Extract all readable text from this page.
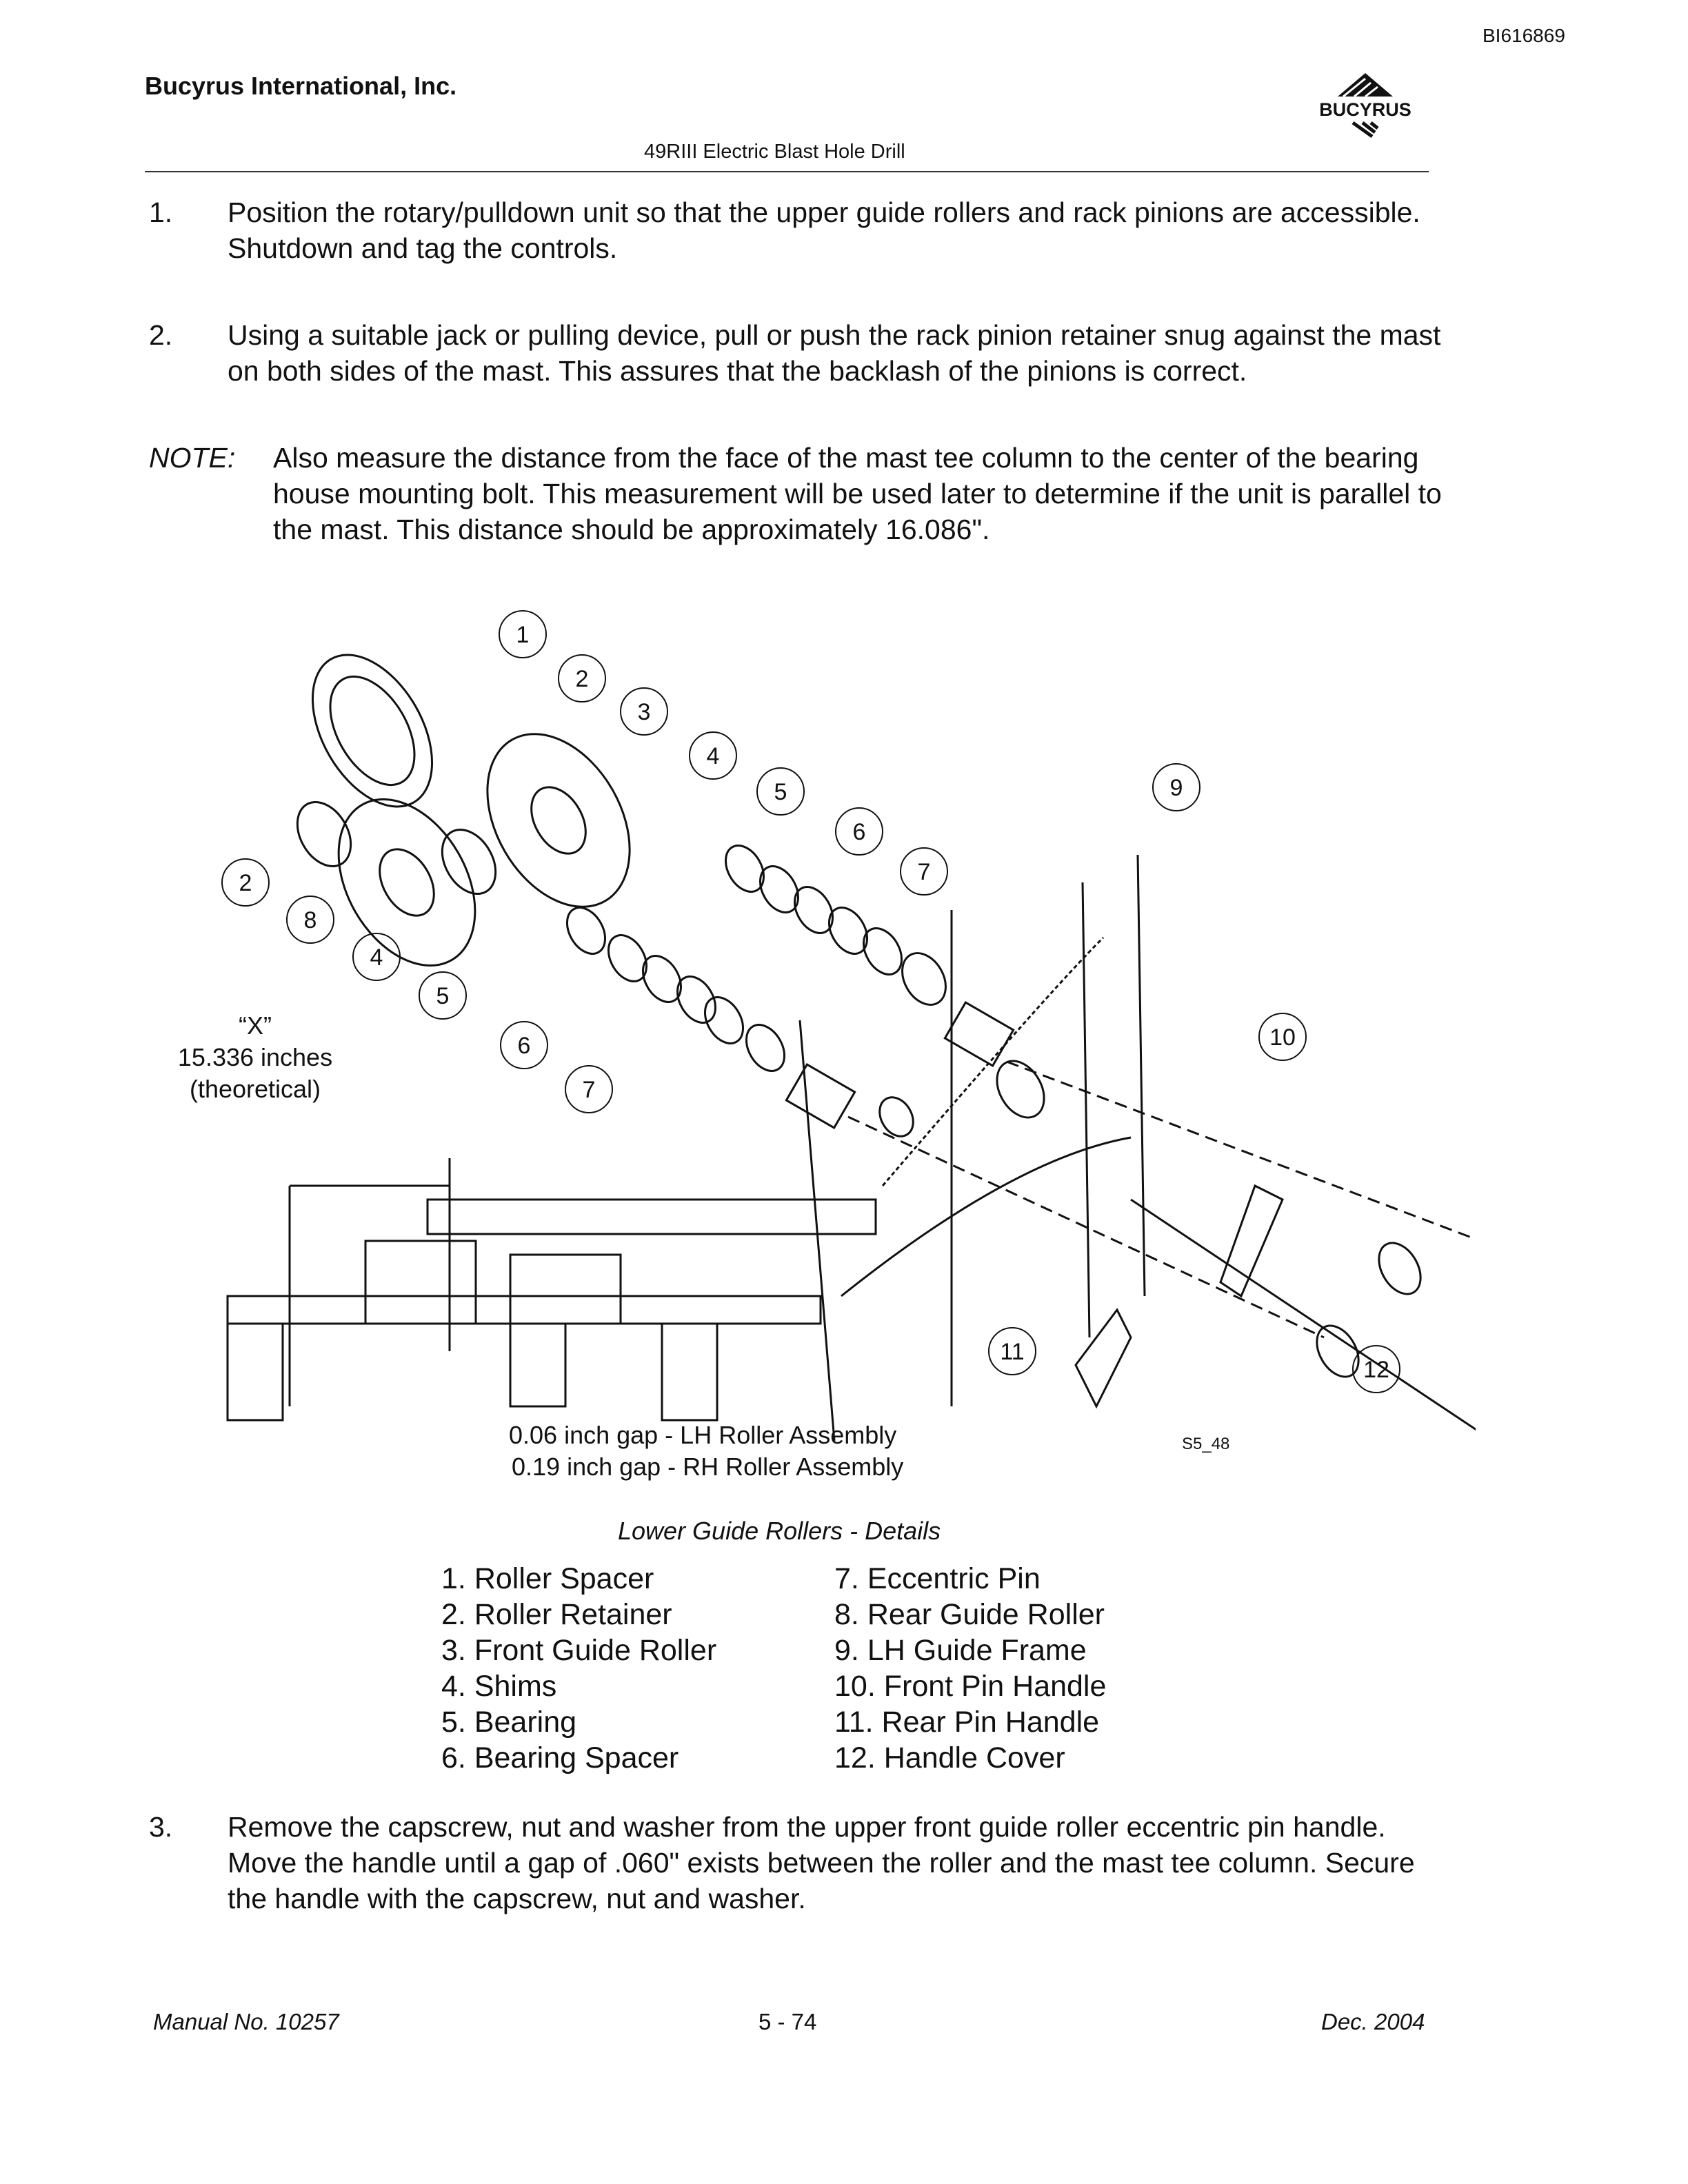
BI616869
Bucyrus International, Inc.
BUCYRUS
49RIII Electric Blast Hole Drill
1. Position the rotary/pulldown unit so that the upper guide rollers and rack pinions are accessible. Shutdown and tag the controls.
2. Using a suitable jack or pulling device, pull or push the rack pinion retainer snug against the mast on both sides of the mast. This assures that the backlash of the pinions is correct.
NOTE: Also measure the distance from the face of the mast tee column to the center of the bearing house mounting bolt. This measurement will be used later to determine if the unit is parallel to the mast. This distance should be approximately 16.086".
1
2
3
4
5
6
7
9
2
8
4
5
6
7
10
11
12
“X”
15.336 inches
(theoretical)
0.06 inch gap - LH Roller Assembly
0.19 inch gap - RH Roller Assembly
S5_48
Lower Guide Rollers - Details
1. Roller Spacer
2. Roller Retainer
3. Front Guide Roller
4. Shims
5. Bearing
6. Bearing Spacer
7. Eccentric Pin
8. Rear Guide Roller
9. LH Guide Frame
10. Front Pin Handle
11. Rear Pin Handle
12. Handle Cover
3. Remove the capscrew, nut and washer from the upper front guide roller eccentric pin handle. Move the handle until a gap of .060" exists between the roller and the mast tee column. Secure the handle with the capscrew, nut and washer.
Manual No. 10257	5 - 74	Dec. 2004
